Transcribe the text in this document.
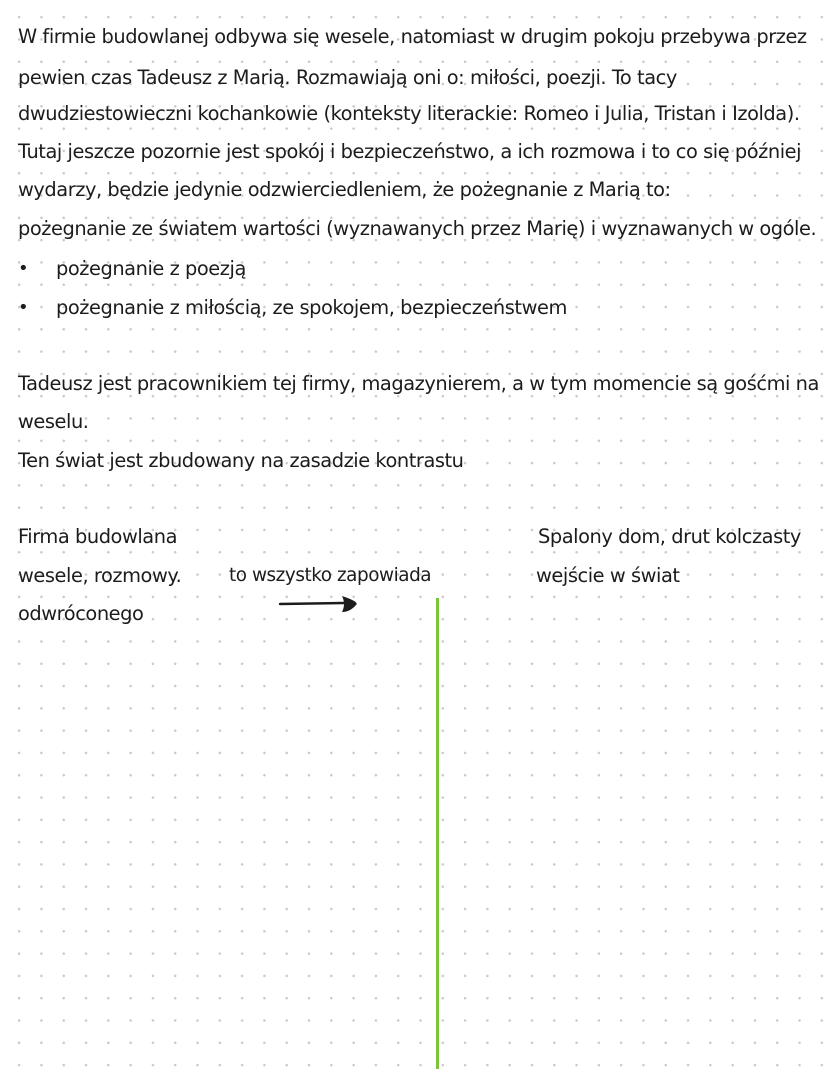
W firmie budowlanej odbywa się wesele, natomiast w drugim pokoju przebywa przez
pewien czas Tadeusz z Marią. Rozmawiają oni o: miłości, poezji. To tacy
dwudziestowieczni kochankowie (konteksty literackie: Romeo i Julia, Tristan i Izolda).
Tutaj jeszcze pozornie jest spokój i bezpieczeństwo, a ich rozmowa i to co się później
wydarzy, będzie jedynie odzwierciedleniem, że pożegnanie z Marią to:
pożegnanie ze światem wartości (wyznawanych przez Marię) i wyznawanych w ogóle.
• pożegnanie z poezją
• pożegnanie z miłością, ze spokojem, bezpieczeństwem
Tadeusz jest pracownikiem tej firmy, magazynierem, a w tym momencie są gośćmi na
weselu.
Ten świat jest zbudowany na zasadzie kontrastu
Firma budowlana
wesele, rozmowy.
odwróconego
to wszystko zapowiada
Spalony dom, drut kolczasty
wejście w świat
